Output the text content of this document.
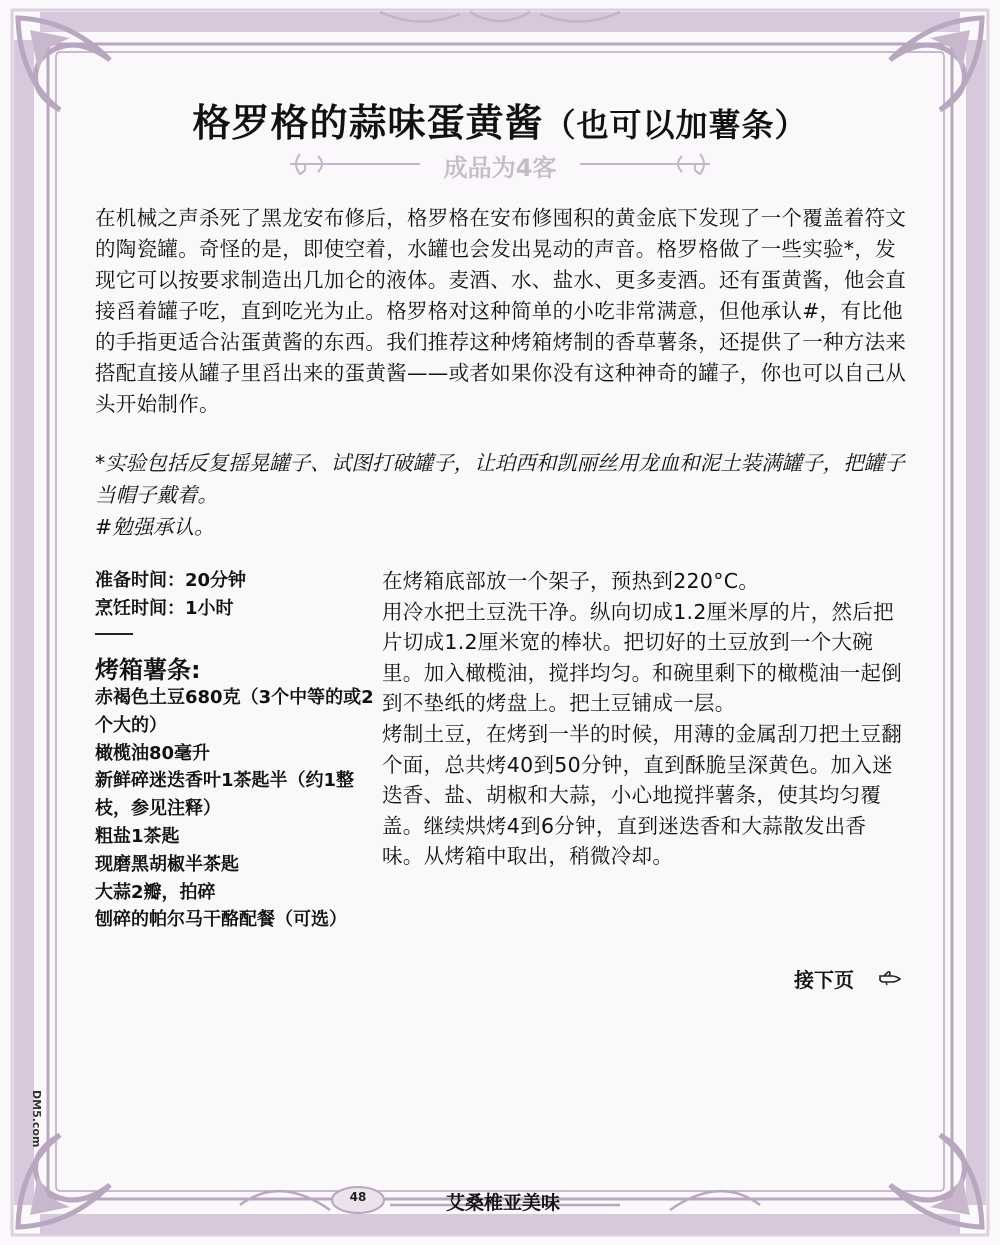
格罗格的蒜味蛋黄酱（也可以加薯条）
成品为4客

在机械之声杀死了黑龙安布修后，格罗格在安布修囤积的黄金底下发现了一个覆盖着符文的陶瓷罐。奇怪的是，即使空着，水罐也会发出晃动的声音。格罗格做了一些实验*，发现它可以按要求制造出几加仑的液体。麦酒、水、盐水、更多麦酒。还有蛋黄酱，他会直接舀着罐子吃，直到吃光为止。格罗格对这种简单的小吃非常满意，但他承认#，有比他的手指更适合沾蛋黄酱的东西。我们推荐这种烤箱烤制的香草薯条，还提供了一种方法来搭配直接从罐子里舀出来的蛋黄酱——或者如果你没有这种神奇的罐子，你也可以自己从头开始制作。

*实验包括反复摇晃罐子、试图打破罐子，让珀西和凯丽丝用龙血和泥土装满罐子，把罐子当帽子戴着。

#勉强承认。

准备时间：20分钟

烹饪时间：1小时

烤箱薯条:

赤褐色土豆680克（3个中等的或2个大的）

橄榄油80毫升

新鲜碎迷迭香叶1茶匙半（约1整枝，参见注释）

粗盐1茶匙

现磨黑胡椒半茶匙

大蒜2瓣，拍碎

刨碎的帕尔马干酪配餐（可选）

在烤箱底部放一个架子，预热到220°C。

用冷水把土豆洗干净。纵向切成1.2厘米厚的片，然后把片切成1.2厘米宽的棒状。把切好的土豆放到一个大碗里。加入橄榄油，搅拌均匀。和碗里剩下的橄榄油一起倒到不垫纸的烤盘上。把土豆铺成一层。

烤制土豆，在烤到一半的时候，用薄的金属刮刀把土豆翻个面，总共烤40到50分钟，直到酥脆呈深黄色。加入迷迭香、盐、胡椒和大蒜，小心地搅拌薯条，使其均匀覆盖。继续烘烤4到6分钟，直到迷迭香和大蒜散发出香味。从烤箱中取出，稍微冷却。

接下页
48	艾桑椎亚美味
DM5.com
